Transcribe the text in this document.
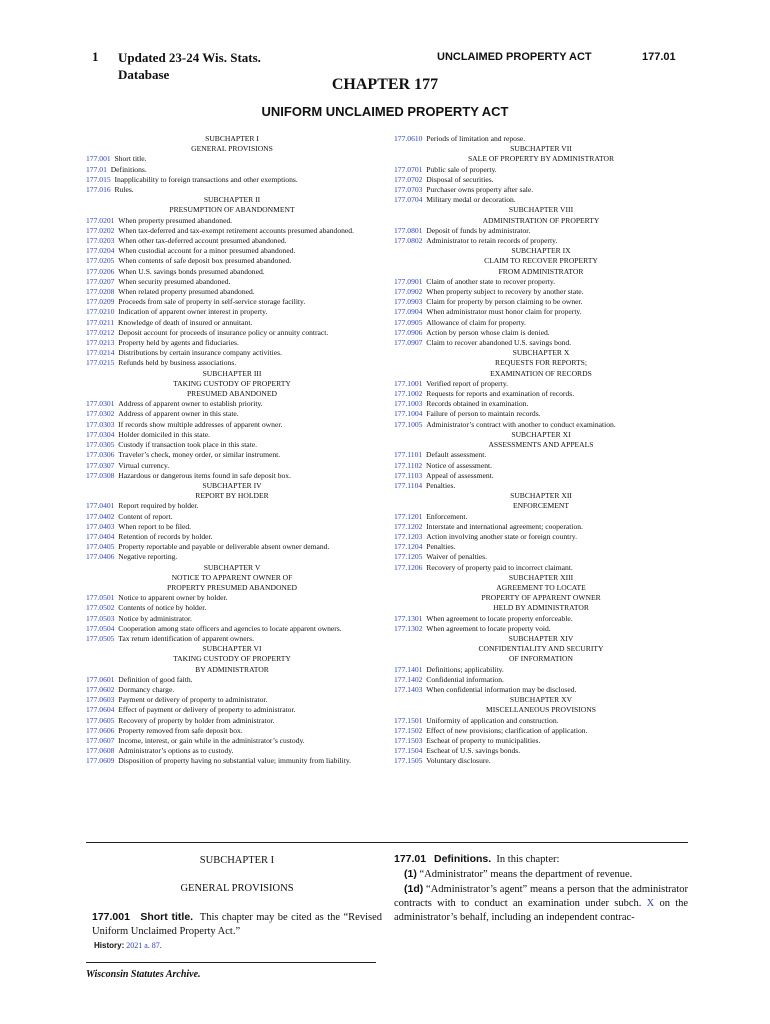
1 Updated 23-24 Wis. Stats.
Database
UNCLAIMED PROPERTY ACT	177.01
CHAPTER 177
UNIFORM UNCLAIMED PROPERTY ACT
SUBCHAPTER I
GENERAL PROVISIONS
177.001 Short title.
177.01 Definitions.
177.015 Inapplicability to foreign transactions and other exemptions.
177.016 Rules.
SUBCHAPTER II
PRESUMPTION OF ABANDONMENT
177.0201 When property presumed abandoned.
177.0202 When tax-deferred and tax-exempt retirement accounts presumed abandoned.
177.0203 When other tax-deferred account presumed abandoned.
177.0204 When custodial account for a minor presumed abandoned.
177.0205 When contents of safe deposit box presumed abandoned.
177.0206 When U.S. savings bonds presumed abandoned.
177.0207 When security presumed abandoned.
177.0208 When related property presumed abandoned.
177.0209 Proceeds from sale of property in self-service storage facility.
177.0210 Indication of apparent owner interest in property.
177.0211 Knowledge of death of insured or annuitant.
177.0212 Deposit account for proceeds of insurance policy or annuity contract.
177.0213 Property held by agents and fiduciaries.
177.0214 Distributions by certain insurance company activities.
177.0215 Refunds held by business associations.
SUBCHAPTER III
TAKING CUSTODY OF PROPERTY
PRESUMED ABANDONED
177.0301 Address of apparent owner to establish priority.
177.0302 Address of apparent owner in this state.
177.0303 If records show multiple addresses of apparent owner.
177.0304 Holder domiciled in this state.
177.0305 Custody if transaction took place in this state.
177.0306 Traveler’s check, money order, or similar instrument.
177.0307 Virtual currency.
177.0308 Hazardous or dangerous items found in safe deposit box.
SUBCHAPTER IV
REPORT BY HOLDER
177.0401 Report required by holder.
177.0402 Content of report.
177.0403 When report to be filed.
177.0404 Retention of records by holder.
177.0405 Property reportable and payable or deliverable absent owner demand.
177.0406 Negative reporting.
SUBCHAPTER V
NOTICE TO APPARENT OWNER OF
PROPERTY PRESUMED ABANDONED
177.0501 Notice to apparent owner by holder.
177.0502 Contents of notice by holder.
177.0503 Notice by administrator.
177.0504 Cooperation among state officers and agencies to locate apparent owners.
177.0505 Tax return identification of apparent owners.
SUBCHAPTER VI
TAKING CUSTODY OF PROPERTY
BY ADMINISTRATOR
177.0601 Definition of good faith.
177.0602 Dormancy charge.
177.0603 Payment or delivery of property to administrator.
177.0604 Effect of payment or delivery of property to administrator.
177.0605 Recovery of property by holder from administrator.
177.0606 Property removed from safe deposit box.
177.0607 Income, interest, or gain while in the administrator’s custody.
177.0608 Administrator’s options as to custody.
177.0609 Disposition of property having no substantial value; immunity from liability.
177.0610 Periods of limitation and repose.
SUBCHAPTER VII
SALE OF PROPERTY BY ADMINISTRATOR
177.0701 Public sale of property.
177.0702 Disposal of securities.
177.0703 Purchaser owns property after sale.
177.0704 Military medal or decoration.
SUBCHAPTER VIII
ADMINISTRATION OF PROPERTY
177.0801 Deposit of funds by administrator.
177.0802 Administrator to retain records of property.
SUBCHAPTER IX
CLAIM TO RECOVER PROPERTY
FROM ADMINISTRATOR
177.0901 Claim of another state to recover property.
177.0902 When property subject to recovery by another state.
177.0903 Claim for property by person claiming to be owner.
177.0904 When administrator must honor claim for property.
177.0905 Allowance of claim for property.
177.0906 Action by person whose claim is denied.
177.0907 Claim to recover abandoned U.S. savings bond.
SUBCHAPTER X
REQUESTS FOR REPORTS;
EXAMINATION OF RECORDS
177.1001 Verified report of property.
177.1002 Requests for reports and examination of records.
177.1003 Records obtained in examination.
177.1004 Failure of person to maintain records.
177.1005 Administrator’s contract with another to conduct examination.
SUBCHAPTER XI
ASSESSMENTS AND APPEALS
177.1101 Default assessment.
177.1102 Notice of assessment.
177.1103 Appeal of assessment.
177.1104 Penalties.
SUBCHAPTER XII
ENFORCEMENT
177.1201 Enforcement.
177.1202 Interstate and international agreement; cooperation.
177.1203 Action involving another state or foreign country.
177.1204 Penalties.
177.1205 Waiver of penalties.
177.1206 Recovery of property paid to incorrect claimant.
SUBCHAPTER XIII
AGREEMENT TO LOCATE
PROPERTY OF APPARENT OWNER
HELD BY ADMINISTRATOR
177.1301 When agreement to locate property enforceable.
177.1302 When agreement to locate property void.
SUBCHAPTER XIV
CONFIDENTIALITY AND SECURITY
OF INFORMATION
177.1401 Definitions; applicability.
177.1402 Confidential information.
177.1403 When confidential information may be disclosed.
SUBCHAPTER XV
MISCELLANEOUS PROVISIONS
177.1501 Uniformity of application and construction.
177.1502 Effect of new provisions; clarification of application.
177.1503 Escheat of property to municipalities.
177.1504 Escheat of U.S. savings bonds.
177.1505 Voluntary disclosure.
SUBCHAPTER I
GENERAL PROVISIONS
177.001 Short title. This chapter may be cited as the “Revised Uniform Unclaimed Property Act.”
History: 2021 a. 87.
177.01 Definitions. In this chapter:
(1) “Administrator” means the department of revenue.
(1d) “Administrator’s agent” means a person that the administrator contracts with to conduct an examination under subch. X on the administrator’s behalf, including an independent contrac-
Wisconsin Statutes Archive.
